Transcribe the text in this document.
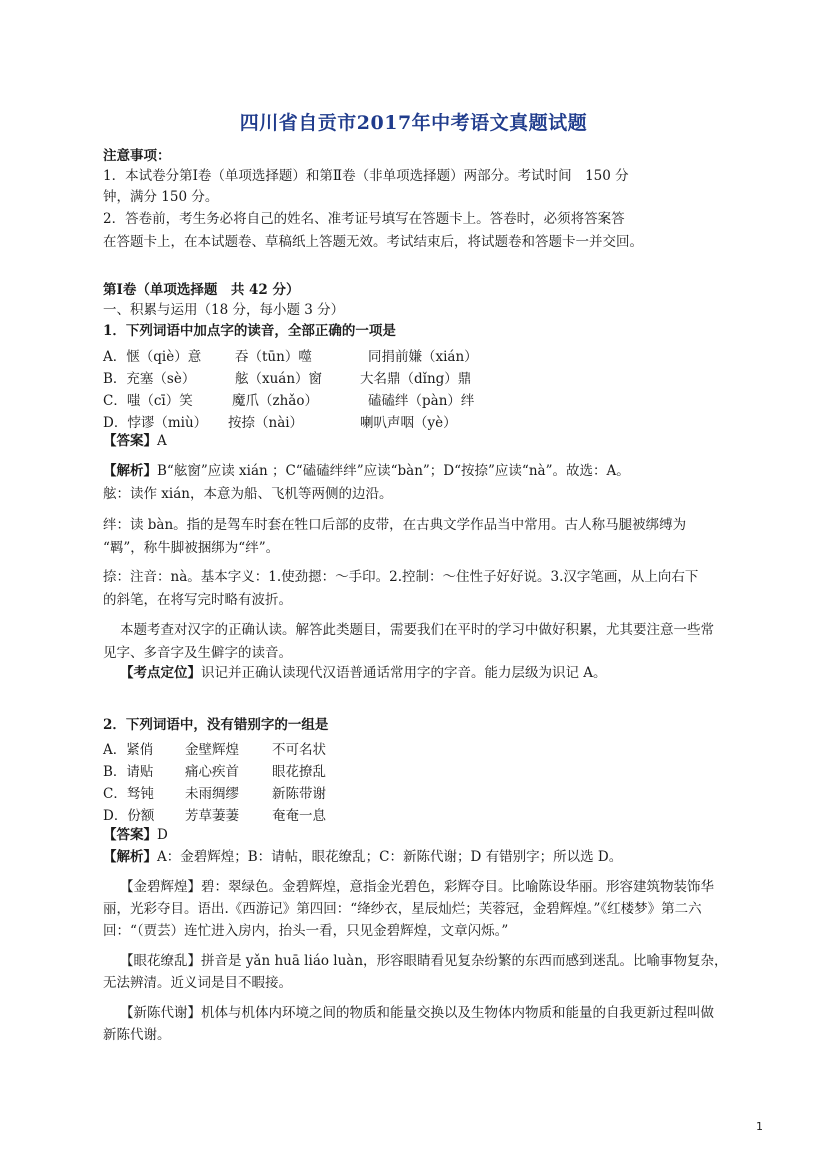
四川省自贡市2017年中考语文真题试题
注意事项：
1．本试卷分第Ⅰ卷（单项选择题）和第Ⅱ卷（非单项选择题）两部分。考试时间　150 分
钟，满分 150 分。
2．答卷前，考生务必将自己的姓名、准考证号填写在答题卡上。答卷时，必须将答案答
在答题卡上，在本试题卷、草稿纸上答题无效。考试结束后，将试题卷和答题卡一并交回。
第Ⅰ卷（单项选择题　共 42 分）
一、积累与运用（18 分，每小题 3 分）
1．下列词语中加点字的读音，全部正确的一项是
A．惬（qiè）意	吞（tūn）噬	同捐前嫌（xián）
B．充塞（sè）	舷（xuán）窗	大名鼎（dǐng）鼎
C．嗤（cī）笑	魔爪（zhǎo）	磕磕绊（pàn）绊
D．悖谬（miù） 按捺（nài）	喇叭声咽（yè）
【答案】A
【解析】B“舷窗”应读 xián ；C“磕磕绊绊”应读“bàn”；D“按捺”应读“nà”。故选：A。
舷：读作 xián，本意为船、飞机等两侧的边沿。
绊：读 bàn。指的是驾车时套在牲口后部的皮带，在古典文学作品当中常用。古人称马腿被绑缚为
“羁”，称牛脚被捆绑为“绊”。
捺：注音：nà。基本字义：1.使劲摁：～手印。2.控制：～住性子好好说。3.汉字笔画，从上向右下
的斜笔，在将写完时略有波折。
本题考查对汉字的正确认读。解答此类题目，需要我们在平时的学习中做好积累，尤其要注意一些常
见字、多音字及生僻字的读音。
【考点定位】识记并正确认读现代汉语普通话常用字的字音。能力层级为识记 A。
2．下列词语中，没有错别字的一组是
A．紧俏 金壁辉煌 不可名状
B．请贴 痛心疾首 眼花撩乱
C．驽钝 未雨绸缪 新陈带谢
D．份额 芳草萋萋 奄奄一息
【答案】D
【解析】A：金碧辉煌；B：请帖，眼花缭乱；C：新陈代谢；D 有错别字；所以选 D。
【金碧辉煌】碧：翠绿色。金碧辉煌，意指金光碧色，彩辉夺目。比喻陈设华丽。形容建筑物装饰华
丽，光彩夺目。语出.《西游记》第四回：“绛纱衣，星辰灿烂；芙蓉冠，金碧辉煌。”《红楼梦》第二六
回：“（贾芸）连忙进入房内，抬头一看，只见金碧辉煌，文章闪烁。”
【眼花缭乱】拼音是 yǎn huā liáo luàn，形容眼睛看见复杂纷繁的东西而感到迷乱。比喻事物复杂，
无法辨清。近义词是目不暇接。
【新陈代谢】机体与机体内环境之间的物质和能量交换以及生物体内物质和能量的自我更新过程叫做
新陈代谢。
1
